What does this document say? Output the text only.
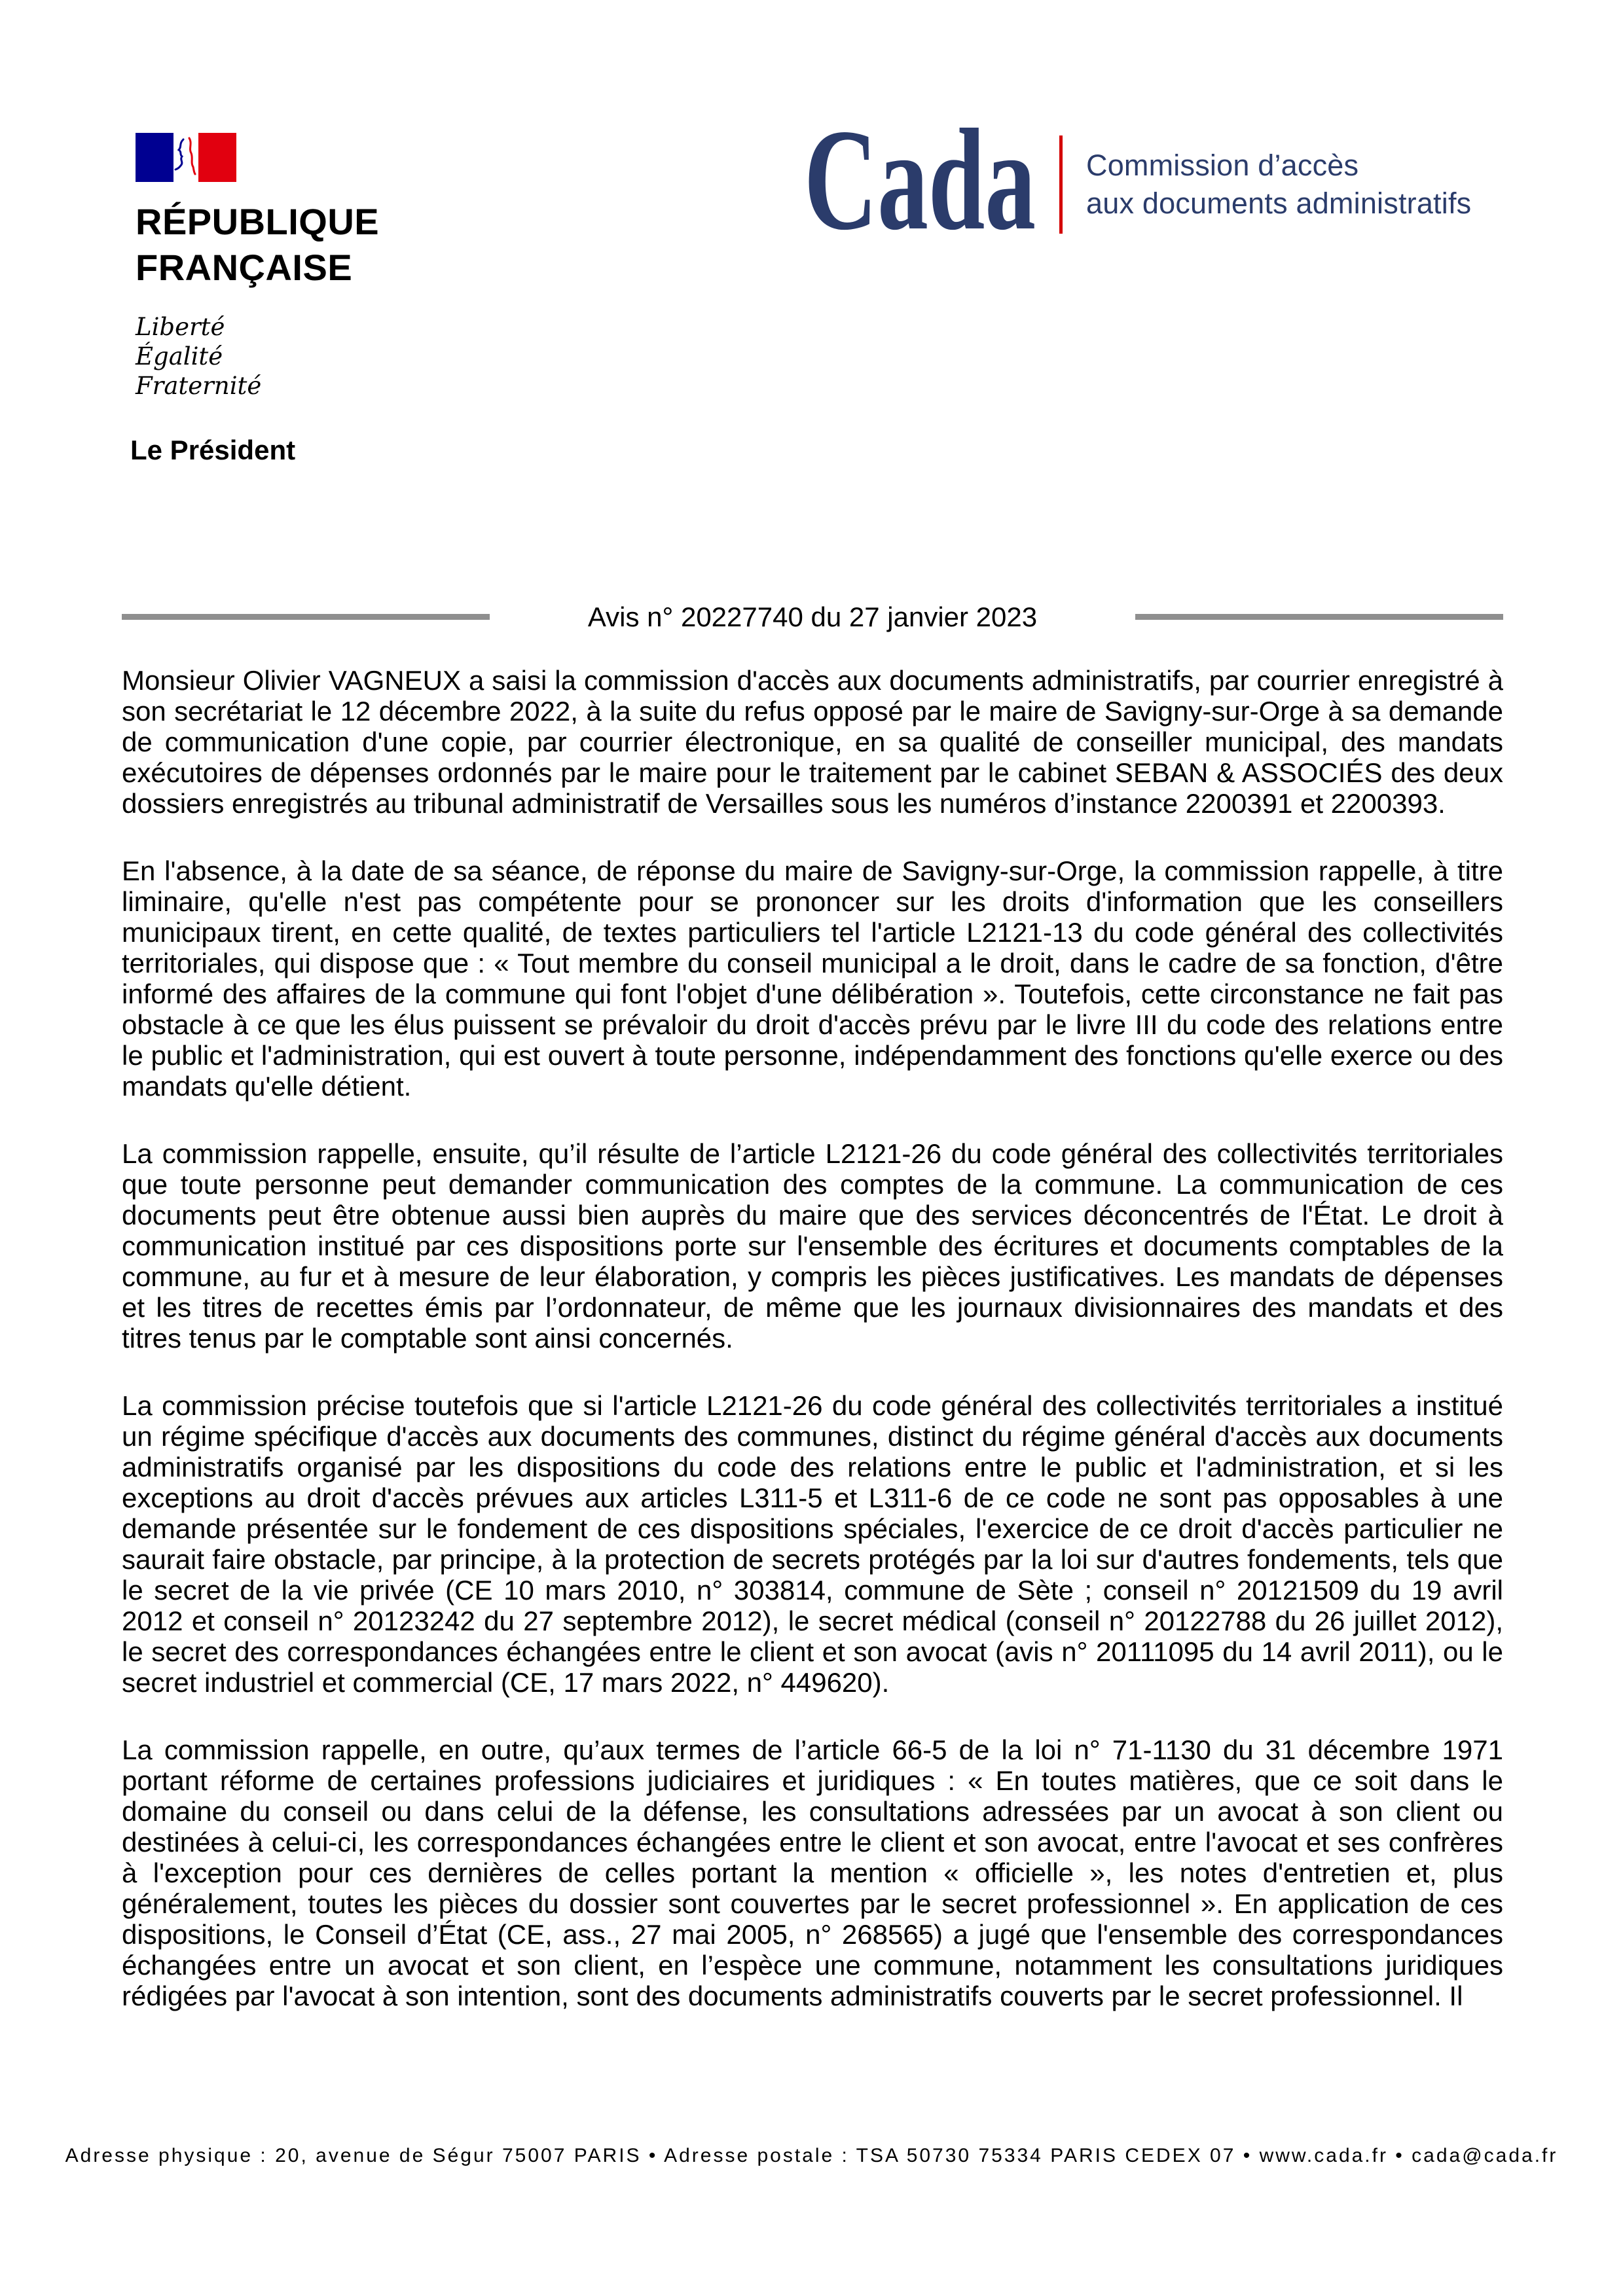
RÉPUBLIQUE
FRANÇAISE
Liberté
Égalité
Fraternité
Cada Commission d’accès
aux documents administratifs
Le Président
Avis n° 20227740 du 27 janvier 2023

Monsieur Olivier VAGNEUX a saisi la commission d'accès aux documents administratifs, par courrier enregistré à son secrétariat le 12 décembre 2022, à la suite du refus opposé par le maire de Savigny-sur-Orge à sa demande de communication d'une copie, par courrier électronique, en sa qualité de conseiller municipal, des mandats exécutoires de dépenses ordonnés par le maire pour le traitement par le cabinet SEBAN & ASSOCIÉS des deux dossiers enregistrés au tribunal administratif de Versailles sous les numéros d’instance 2200391 et 2200393.

En l'absence, à la date de sa séance, de réponse du maire de Savigny-sur-Orge, la commission rappelle, à titre liminaire, qu'elle n'est pas compétente pour se prononcer sur les droits d'information que les conseillers municipaux tirent, en cette qualité, de textes particuliers tel l'article L2121-13 du code général des collectivités territoriales, qui dispose que : « Tout membre du conseil municipal a le droit, dans le cadre de sa fonction, d'être informé des affaires de la commune qui font l'objet d'une délibération ». Toutefois, cette circonstance ne fait pas obstacle à ce que les élus puissent se prévaloir du droit d'accès prévu par le livre III du code des relations entre le public et l'administration, qui est ouvert à toute personne, indépendamment des fonctions qu'elle exerce ou des mandats qu'elle détient.

La commission rappelle, ensuite, qu’il résulte de l’article L2121-26 du code général des collectivités territoriales que toute personne peut demander communication des comptes de la commune. La communication de ces documents peut être obtenue aussi bien auprès du maire que des services déconcentrés de l'État. Le droit à communication institué par ces dispositions porte sur l'ensemble des écritures et documents comptables de la commune, au fur et à mesure de leur élaboration, y compris les pièces justificatives. Les mandats de dépenses et les titres de recettes émis par l’ordonnateur, de même que les journaux divisionnaires des mandats et des titres tenus par le comptable sont ainsi concernés.

La commission précise toutefois que si l'article L2121-26 du code général des collectivités territoriales a institué un régime spécifique d'accès aux documents des communes, distinct du régime général d'accès aux documents administratifs organisé par les dispositions du code des relations entre le public et l'administration, et si les exceptions au droit d'accès prévues aux articles L311-5 et L311-6 de ce code ne sont pas opposables à une demande présentée sur le fondement de ces dispositions spéciales, l'exercice de ce droit d'accès particulier ne saurait faire obstacle, par principe, à la protection de secrets protégés par la loi sur d'autres fondements, tels que le secret de la vie privée (CE 10 mars 2010, n° 303814, commune de Sète ; conseil n° 20121509 du 19 avril 2012 et conseil n° 20123242 du 27 septembre 2012), le secret médical (conseil n° 20122788 du 26 juillet 2012), le secret des correspondances échangées entre le client et son avocat (avis n° 20111095 du 14 avril 2011), ou le secret industriel et commercial (CE, 17 mars 2022, n° 449620).

La commission rappelle, en outre, qu’aux termes de l’article 66-5 de la loi n° 71-1130 du 31 décembre 1971 portant réforme de certaines professions judiciaires et juridiques : « En toutes matières, que ce soit dans le domaine du conseil ou dans celui de la défense, les consultations adressées par un avocat à son client ou destinées à celui-ci, les correspondances échangées entre le client et son avocat, entre l'avocat et ses confrères à l'exception pour ces dernières de celles portant la mention « officielle », les notes d'entretien et, plus généralement, toutes les pièces du dossier sont couvertes par le secret professionnel ». En application de ces dispositions, le Conseil d’État (CE, ass., 27 mai 2005, n° 268565) a jugé que l'ensemble des correspondances échangées entre un avocat et son client, en l’espèce une commune, notamment les consultations juridiques rédigées par l'avocat à son intention, sont des documents administratifs couverts par le secret professionnel. Il

Adresse physique : 20, avenue de Ségur 75007 PARIS • Adresse postale : TSA 50730 75334 PARIS CEDEX 07 • www.cada.fr • cada@cada.fr
